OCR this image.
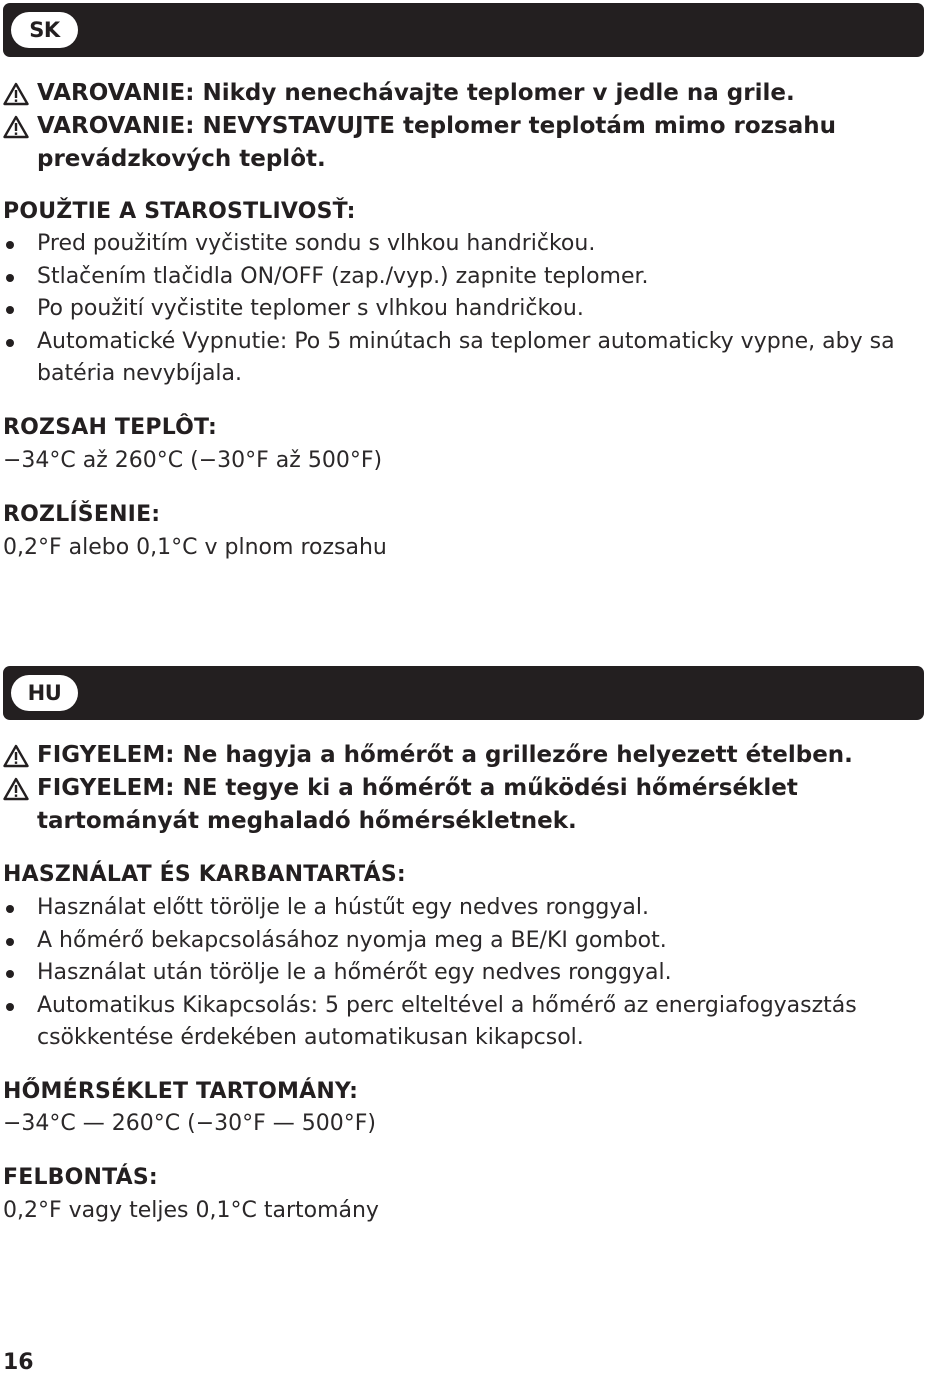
SK
VAROVANIE: Nikdy nenechávajte teplomer v jedle na grile.
VAROVANIE: NEVYSTAVUJTE teplomer teplotám mimo rozsahu prevádzkových teplôt.
POUŽTIE A STAROSTLIVOSŤ:
Pred použitím vyčistite sondu s vlhkou handričkou.
Stlačením tlačidla ON/OFF (zap./vyp.) zapnite teplomer.
Po použití vyčistite teplomer s vlhkou handričkou.
Automatické Vypnutie: Po 5 minútach sa teplomer automaticky vypne, aby sa batéria nevybíjala.
ROZSAH TEPLÔT:
−34°C až 260°C (−30°F až 500°F)
ROZLÍŠENIE:
0,2°F alebo 0,1°C v plnom rozsahu
HU
FIGYELEM: Ne hagyja a hőmérőt a grillezőre helyezett ételben.
FIGYELEM: NE tegye ki a hőmérőt a működési hőmérséklet tartományát meghaladó hőmérsékletnek.
HASZNÁLAT ÉS KARBANTARTÁS:
Használat előtt törölje le a hústűt egy nedves ronggyal.
A hőmérő bekapcsolásához nyomja meg a BE/KI gombot.
Használat után törölje le a hőmérőt egy nedves ronggyal.
Automatikus Kikapcsolás: 5 perc elteltével a hőmérő az energiafogyasztás csökkentése érdekében automatikusan kikapcsol.
HŐMÉRSÉKLET TARTOMÁNY:
−34°C — 260°C (−30°F — 500°F)
FELBONTÁS:
0,2°F vagy teljes 0,1°C tartomány
16
